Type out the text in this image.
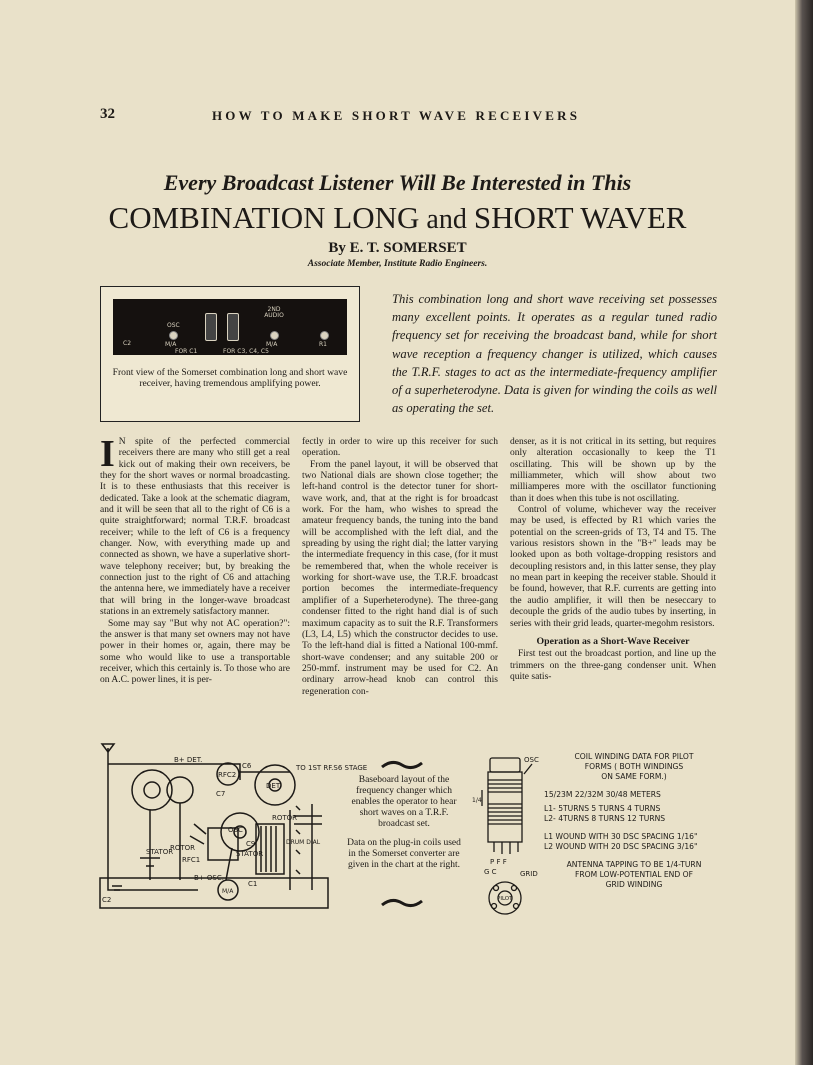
32	HOW TO MAKE SHORT WAVE RECEIVERS
Every Broadcast Listener Will Be Interested in This
COMBINATION LONG and SHORT WAVER
By E. T. SOMERSET
Associate Member, Institute Radio Engineers.
C2
OSC
M/A
2ND AUDIO
M/A	R1
FOR C1	FOR C3, C4, C5
Front view of the Somerset combination long and short wave receiver, having tremendous amplifying power.
This combination long and short wave receiving set possesses many excellent points. It operates as a regular tuned radio frequency set for receiving the broadcast band, while for short wave reception a frequency changer is utilized, which causes the T.R.F. stages to act as the intermediate-frequency amplifier of a superheterodyne. Data is given for winding the coils as well as operating the set.

I N spite of the perfected commercial receivers there are many who still get a real kick out of making their own receivers, be they for the short waves or normal broadcasting. It is to these enthusiasts that this receiver is dedicated. Take a look at the schematic diagram, and it will be seen that all to the right of C6 is a quite straightforward; normal T.R.F. broadcast receiver; while to the left of C6 is a frequency changer. Now, with everything made up and connected as shown, we have a superlative short-wave telephony receiver; but, by breaking the connection just to the right of C6 and attaching the antenna here, we immediately have a receiver that will bring in the longer-wave broadcast stations in an extremely satisfactory manner.

Some may say "But why not AC operation?": the answer is that many set owners may not have power in their homes or, again, there may be some who would like to use a transportable receiver, which this certainly is. To those who are on A.C. power lines, it is per-

fectly in order to wire up this receiver for such operation.

From the panel layout, it will be observed that two National dials are shown close together; the left-hand control is the detector tuner for short-wave work, and, that at the right is for broadcast work. For the ham, who wishes to spread the amateur frequency bands, the tuning into the band will be accomplished with the left dial, and the spreading by using the right dial; the latter varying the intermediate frequency in this case, (for it must be remembered that, when the whole receiver is working for short-wave use, the T.R.F. broadcast portion becomes the intermediate-frequency amplifier of a Superheterodyne). The three-gang condenser fitted to the right hand dial is of such maximum capacity as to suit the R.F. Transformers (L3, L4, L5) which the constructor decides to use. To the left-hand dial is fitted a National 100-mmf. short-wave condenser; and any suitable 200 or 250-mmf. instrument may be used for C2. An ordinary arrow-head knob can control this regeneration con-

denser, as it is not critical in its setting, but requires only alteration occasionally to keep the T1 oscillating. This will be shown up by the milliammeter, which will show about two milliamperes more with the oscillator functioning than it does when this tube is not oscillating.

Control of volume, whichever way the receiver may be used, is effected by R1 which varies the potential on the screen-grids of T3, T4 and T5. The various resistors shown in the "B+" leads may be looked upon as both voltage-dropping resistors and decoupling resistors and, in this latter sense, they play no mean part in keeping the receiver stable. Should it be found, however, that R.F. currents are getting into the audio amplifier, it will then be neseccary to decouple the grids of the audio tubes by inserting, in series with their grid leads, quarter-megohm resistors.

Operation as a Short-Wave Receiver

First test out the broadcast portion, and line up the trimmers on the three-gang condenser unit. When quite satis-

B+ DET.
TO 1ST RF.S6 STAGE
RFC2
C6
C7
DET.
ROTOR
ROTOR
OSC
C9
STATOR	STATOR
RFC1
B+ OSC.
DRUM DIAL
C1
C2
M/A
Baseboard layout of the frequency changer which enables the operator to hear short waves on a T.R.F. broadcast set.
Data on the plug-in coils used in the Somerset converter are given in the chart at the right.
OSC
1/4
P F F
G C	GRID
PILOT
COIL WINDING DATA FOR PILOT
FORMS ( BOTH WINDINGS
ON SAME FORM.)
15/23M 22/32M 30/48 METERS
L1- 5TURNS 5 TURNS 4 TURNS
L2- 4TURNS 8 TURNS 12 TURNS
L1 WOUND WITH 30 DSC SPACING 1/16"
L2 WOUND WITH 20 DSC SPACING 3/16"
ANTENNA TAPPING TO BE 1/4-TURN
FROM LOW-POTENTIAL END OF
GRID WINDING
